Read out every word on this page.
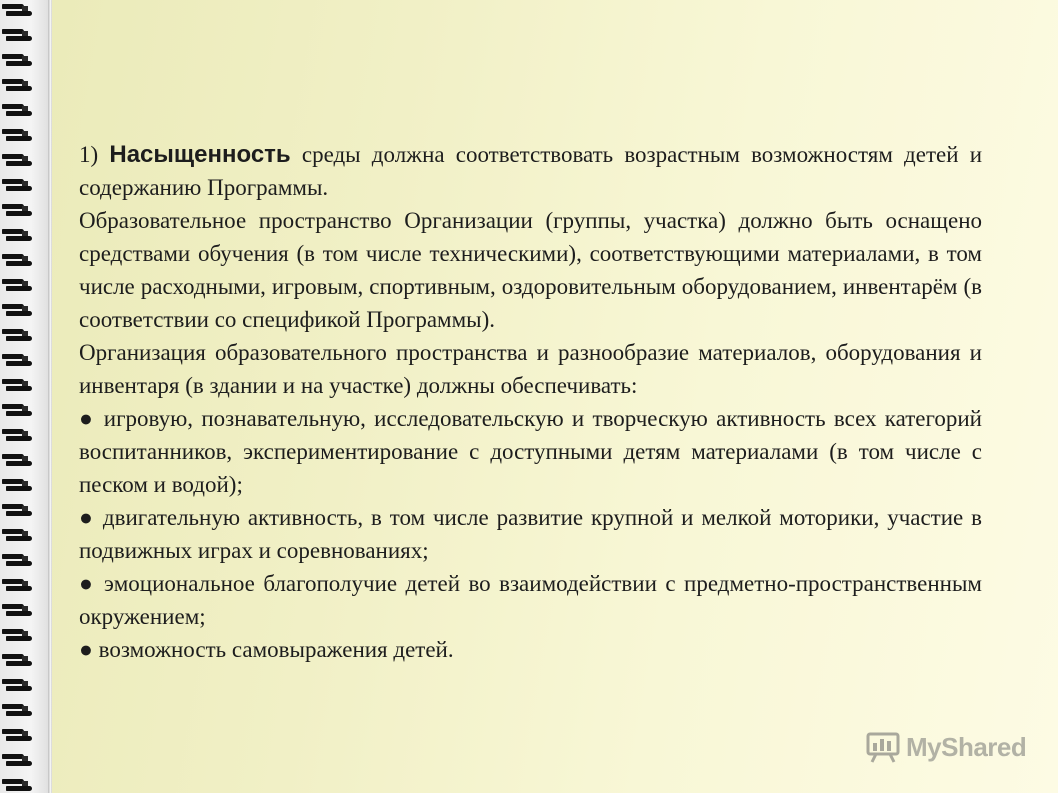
1) Насыщенность среды должна соответствовать возрастным возможностям детей и содержанию Программы.

Образовательное пространство Организации (группы, участка) должно быть оснащено средствами обучения (в том числе техническими), соответствующими материалами, в том числе расходными, игровым, спортивным, оздоровительным оборудованием, инвентарём (в соответствии со спецификой Программы).

Организация образовательного пространства и разнообразие материалов, оборудования и инвентаря (в здании и на участке) должны обеспечивать:

● игровую, познавательную, исследовательскую и творческую активность всех категорий воспитанников, экспериментирование с доступными детям материалами (в том числе с песком и водой);

● двигательную активность, в том числе развитие крупной и мелкой моторики, участие в подвижных играх и соревнованиях;

● эмоциональное благополучие детей во взаимодействии с предметно-пространственным окружением;

● возможность самовыражения детей.

MyShared
